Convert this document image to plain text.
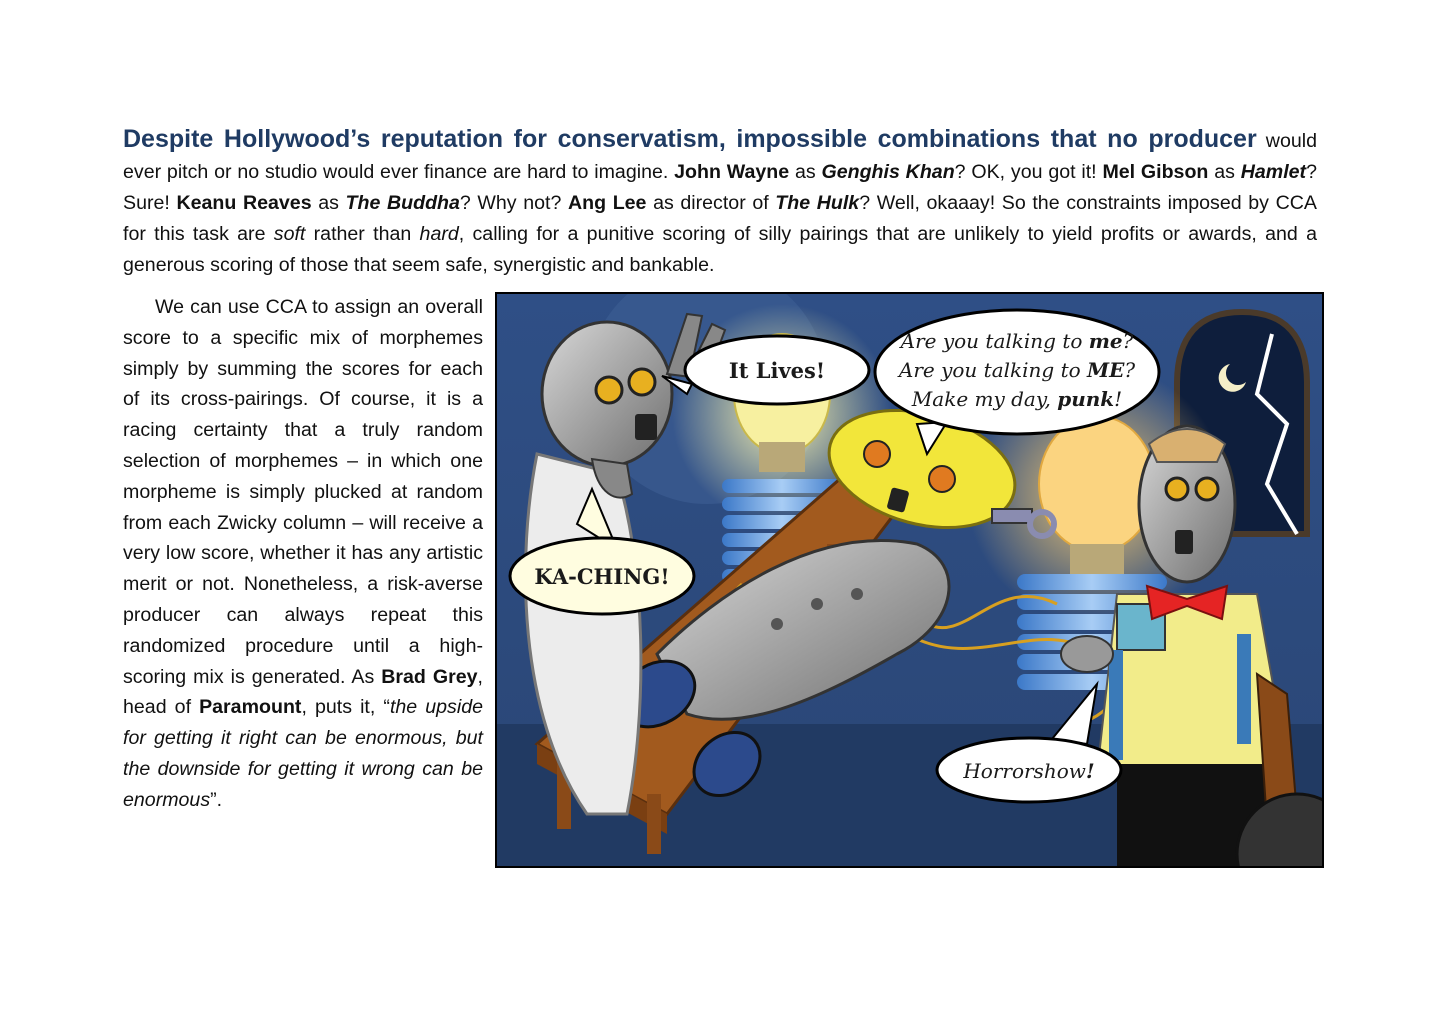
Despite Hollywood’s reputation for conservatism, impossible combinations that no producer would ever pitch or no studio would ever finance are hard to imagine. John Wayne as Genghis Khan? OK, you got it! Mel Gibson as Hamlet? Sure! Keanu Reaves as The Buddha? Why not? Ang Lee as director of The Hulk? Well, okaaay! So the constraints imposed by CCA for this task are soft rather than hard, calling for a punitive scoring of silly pairings that are unlikely to yield profits or awards, and a generous scoring of those that seem safe, synergistic and bankable.

We can use CCA to assign an overall score to a specific mix of morphemes simply by summing the scores for each of its cross-pairings. Of course, it is a racing certainty that a truly random selection of morphemes – in which one morpheme is simply plucked at random from each Zwicky column – will receive a very low score, whether it has any artistic merit or not. Nonetheless, a risk-averse producer can always repeat this randomized procedure until a high-scoring mix is generated. As Brad Grey, head of Paramount, puts it, “the upside for getting it right can be enormous, but the downside for getting it wrong can be enormous”.

It Lives!
KA-CHING!
Are you talking to me?
Are you talking to ME?
Make my day, punk!
Horrorshow!
